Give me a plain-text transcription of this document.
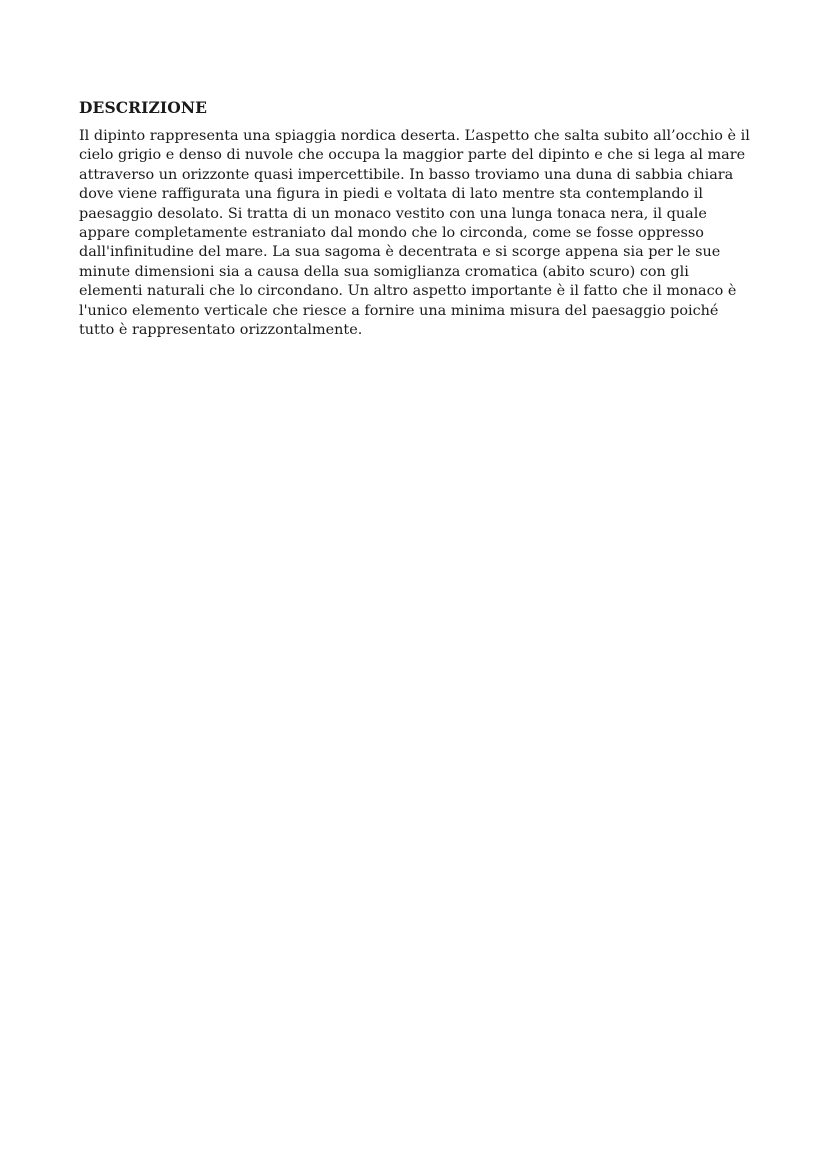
DESCRIZIONE

Il dipinto rappresenta una spiaggia nordica deserta. L’aspetto che salta subito all’occhio è il
cielo grigio e denso di nuvole che occupa la maggior parte del dipinto e che si lega al mare
attraverso un orizzonte quasi impercettibile. In basso troviamo una duna di sabbia chiara
dove viene raffigurata una figura in piedi e voltata di lato mentre sta contemplando il
paesaggio desolato. Si tratta di un monaco vestito con una lunga tonaca nera, il quale
appare completamente estraniato dal mondo che lo circonda, come se fosse oppresso
dall'infinitudine del mare. La sua sagoma è decentrata e si scorge appena sia per le sue
minute dimensioni sia a causa della sua somiglianza cromatica (abito scuro) con gli
elementi naturali che lo circondano. Un altro aspetto importante è il fatto che il monaco è
l'unico elemento verticale che riesce a fornire una minima misura del paesaggio poiché
tutto è rappresentato orizzontalmente.
